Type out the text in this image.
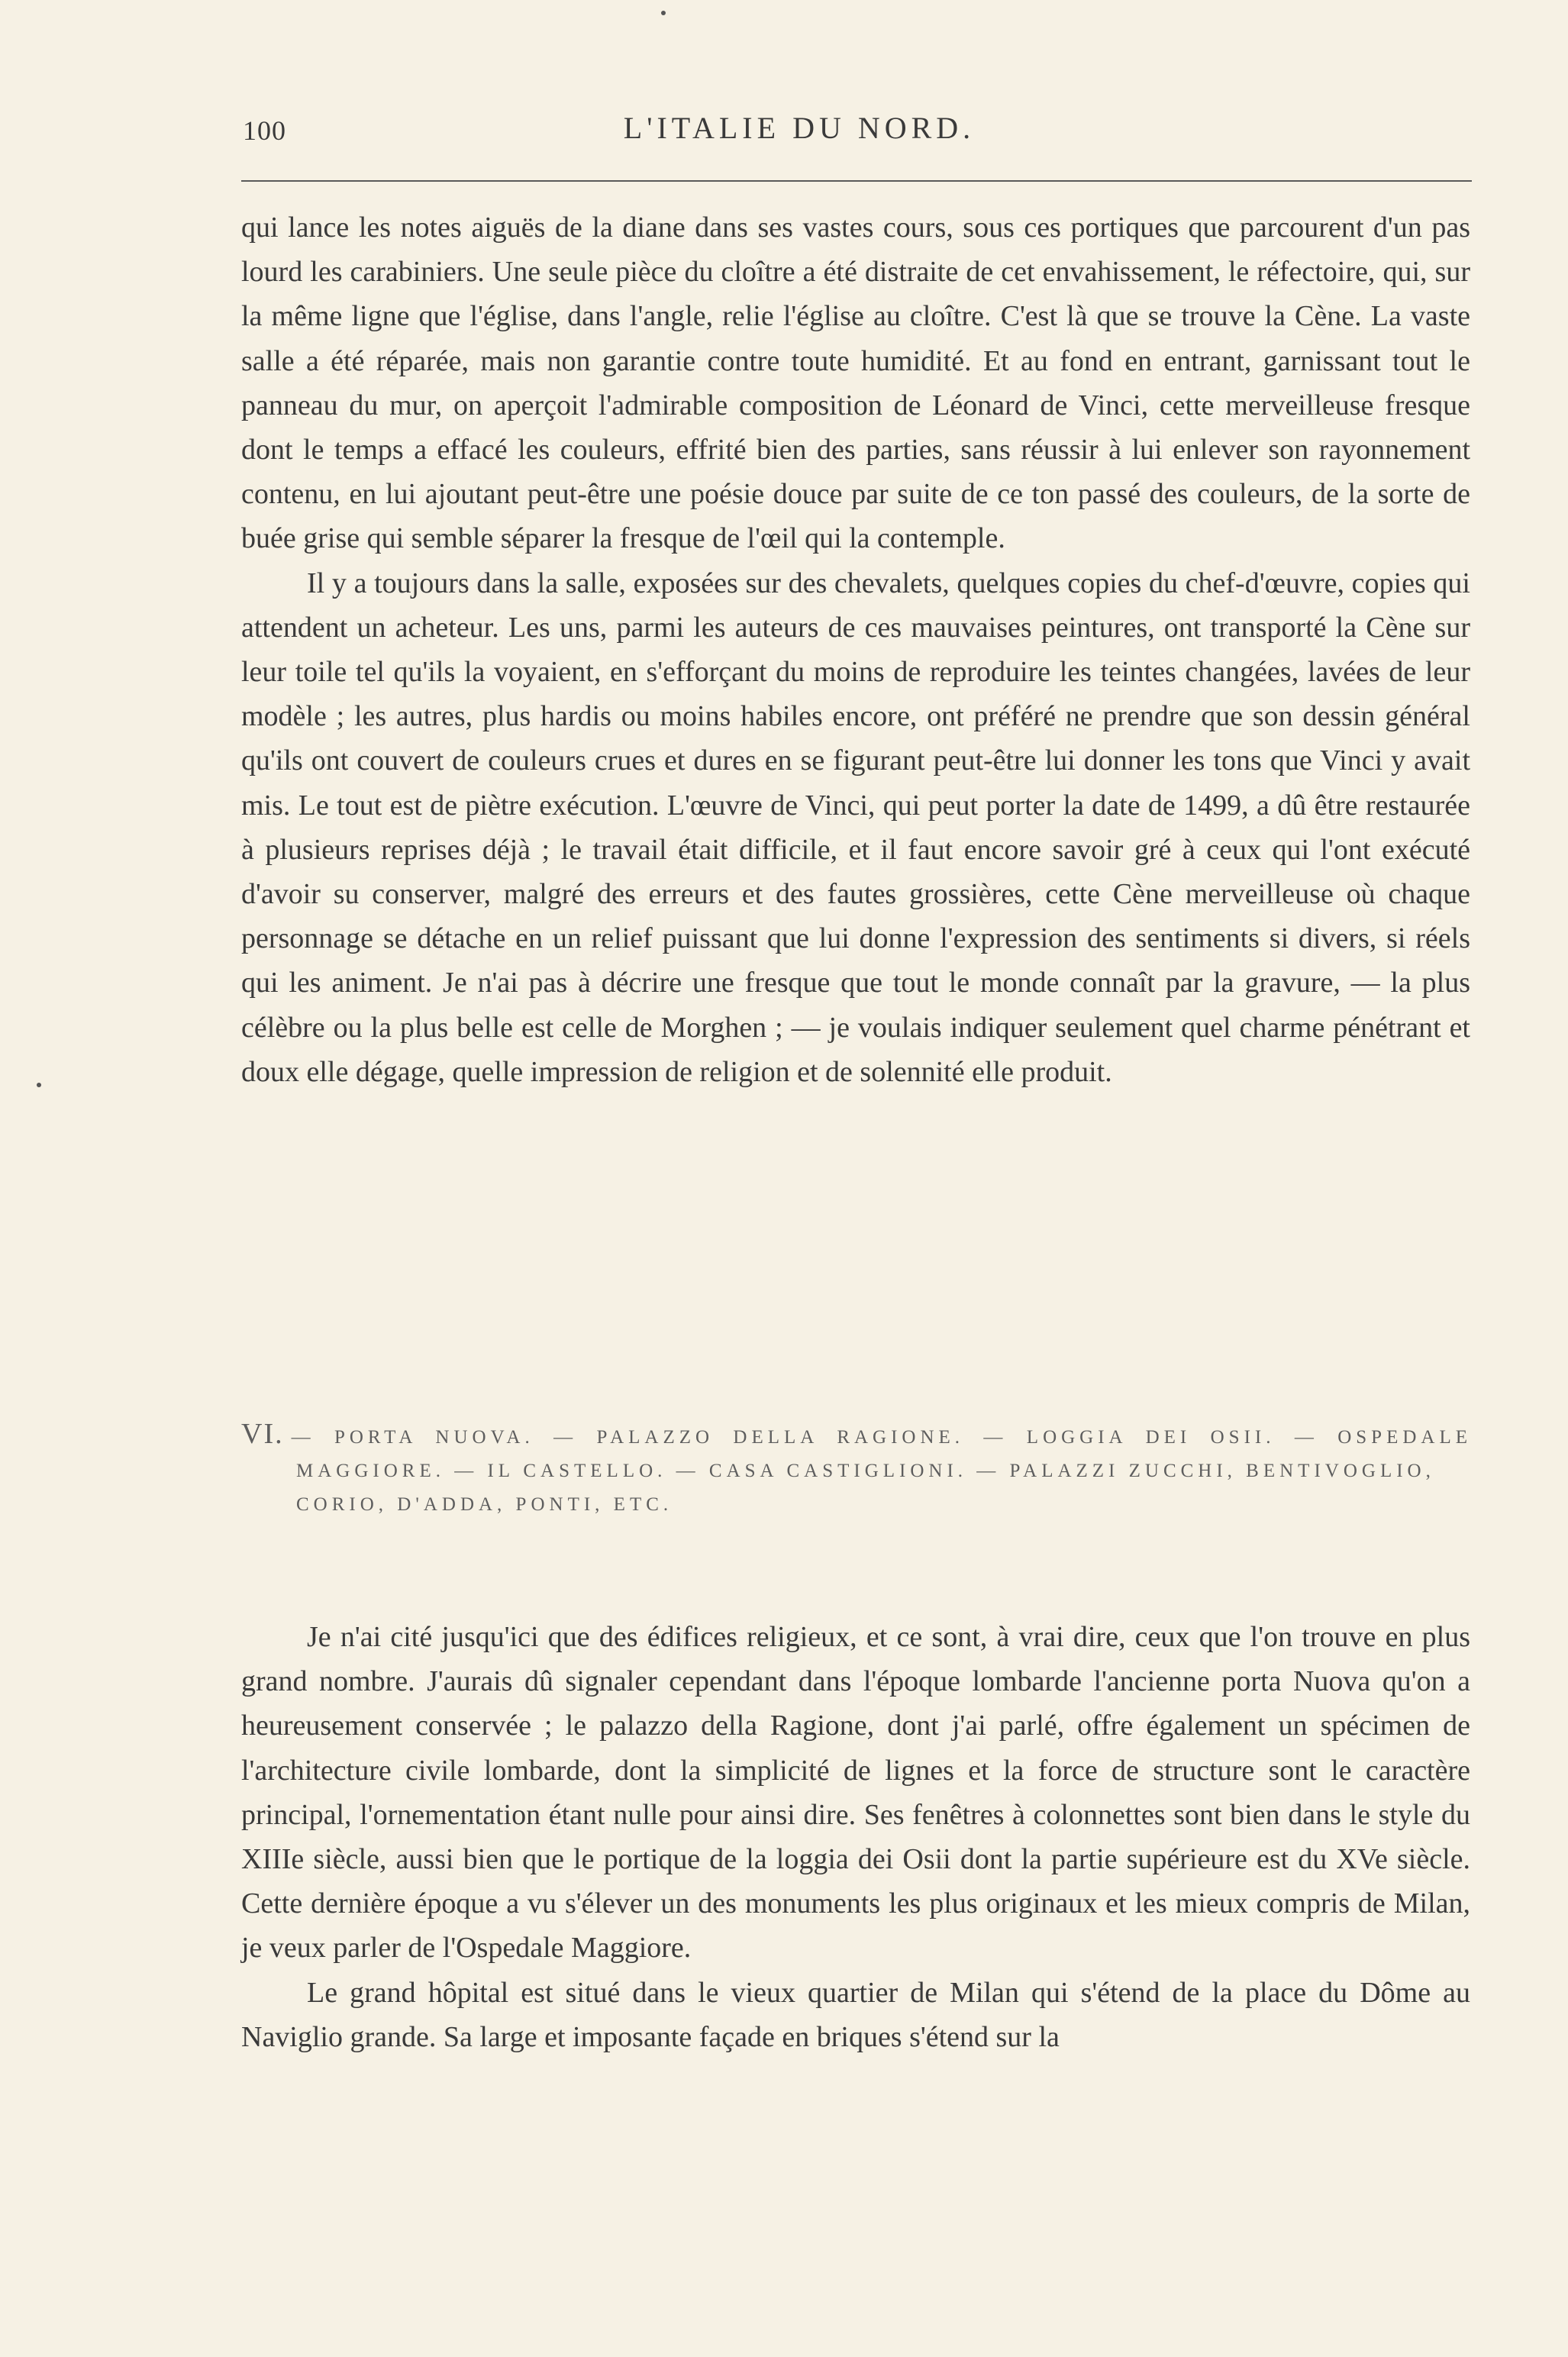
100	L'ITALIE DU NORD.

qui lance les notes aiguës de la diane dans ses vastes cours, sous ces portiques que parcourent d'un pas lourd les carabiniers. Une seule pièce du cloître a été distraite de cet envahissement, le réfectoire, qui, sur la même ligne que l'église, dans l'angle, relie l'église au cloître. C'est là que se trouve la Cène. La vaste salle a été réparée, mais non garantie contre toute humidité. Et au fond en entrant, garnissant tout le panneau du mur, on aperçoit l'admirable composition de Léonard de Vinci, cette merveilleuse fresque dont le temps a effacé les couleurs, effrité bien des parties, sans réussir à lui enlever son rayonnement contenu, en lui ajoutant peut-être une poésie douce par suite de ce ton passé des couleurs, de la sorte de buée grise qui semble séparer la fresque de l'œil qui la contemple.

Il y a toujours dans la salle, exposées sur des chevalets, quelques copies du chef-d'œuvre, copies qui attendent un acheteur. Les uns, parmi les auteurs de ces mauvaises peintures, ont transporté la Cène sur leur toile tel qu'ils la voyaient, en s'efforçant du moins de reproduire les teintes changées, lavées de leur modèle ; les autres, plus hardis ou moins habiles encore, ont préféré ne prendre que son dessin général qu'ils ont couvert de couleurs crues et dures en se figurant peut-être lui donner les tons que Vinci y avait mis. Le tout est de piètre exécution. L'œuvre de Vinci, qui peut porter la date de 1499, a dû être restaurée à plusieurs reprises déjà ; le travail était difficile, et il faut encore savoir gré à ceux qui l'ont exécuté d'avoir su conserver, malgré des erreurs et des fautes grossières, cette Cène merveilleuse où chaque personnage se détache en un relief puissant que lui donne l'expression des sentiments si divers, si réels qui les animent. Je n'ai pas à décrire une fresque que tout le monde connaît par la gravure, — la plus célèbre ou la plus belle est celle de Morghen ; — je voulais indiquer seulement quel charme pénétrant et doux elle dégage, quelle impression de religion et de solennité elle produit.

VI. — PORTA NUOVA. — PALAZZO DELLA RAGIONE. — LOGGIA DEI OSII. — OSPEDALE
MAGGIORE. — IL CASTELLO. — CASA CASTIGLIONI. — PALAZZI ZUCCHI, BENTIVOGLIO,
CORIO, D'ADDA, PONTI, ETC.

Je n'ai cité jusqu'ici que des édifices religieux, et ce sont, à vrai dire, ceux que l'on trouve en plus grand nombre. J'aurais dû signaler cependant dans l'époque lombarde l'ancienne porta Nuova qu'on a heureusement conservée ; le palazzo della Ragione, dont j'ai parlé, offre également un spécimen de l'architecture civile lombarde, dont la simplicité de lignes et la force de structure sont le caractère principal, l'ornementation étant nulle pour ainsi dire. Ses fenêtres à colonnettes sont bien dans le style du XIIIe siècle, aussi bien que le portique de la loggia dei Osii dont la partie supérieure est du XVe siècle. Cette dernière époque a vu s'élever un des monuments les plus originaux et les mieux compris de Milan, je veux parler de l'Ospedale Maggiore.

Le grand hôpital est situé dans le vieux quartier de Milan qui s'étend de la place du Dôme au Naviglio grande. Sa large et imposante façade en briques s'étend sur la
